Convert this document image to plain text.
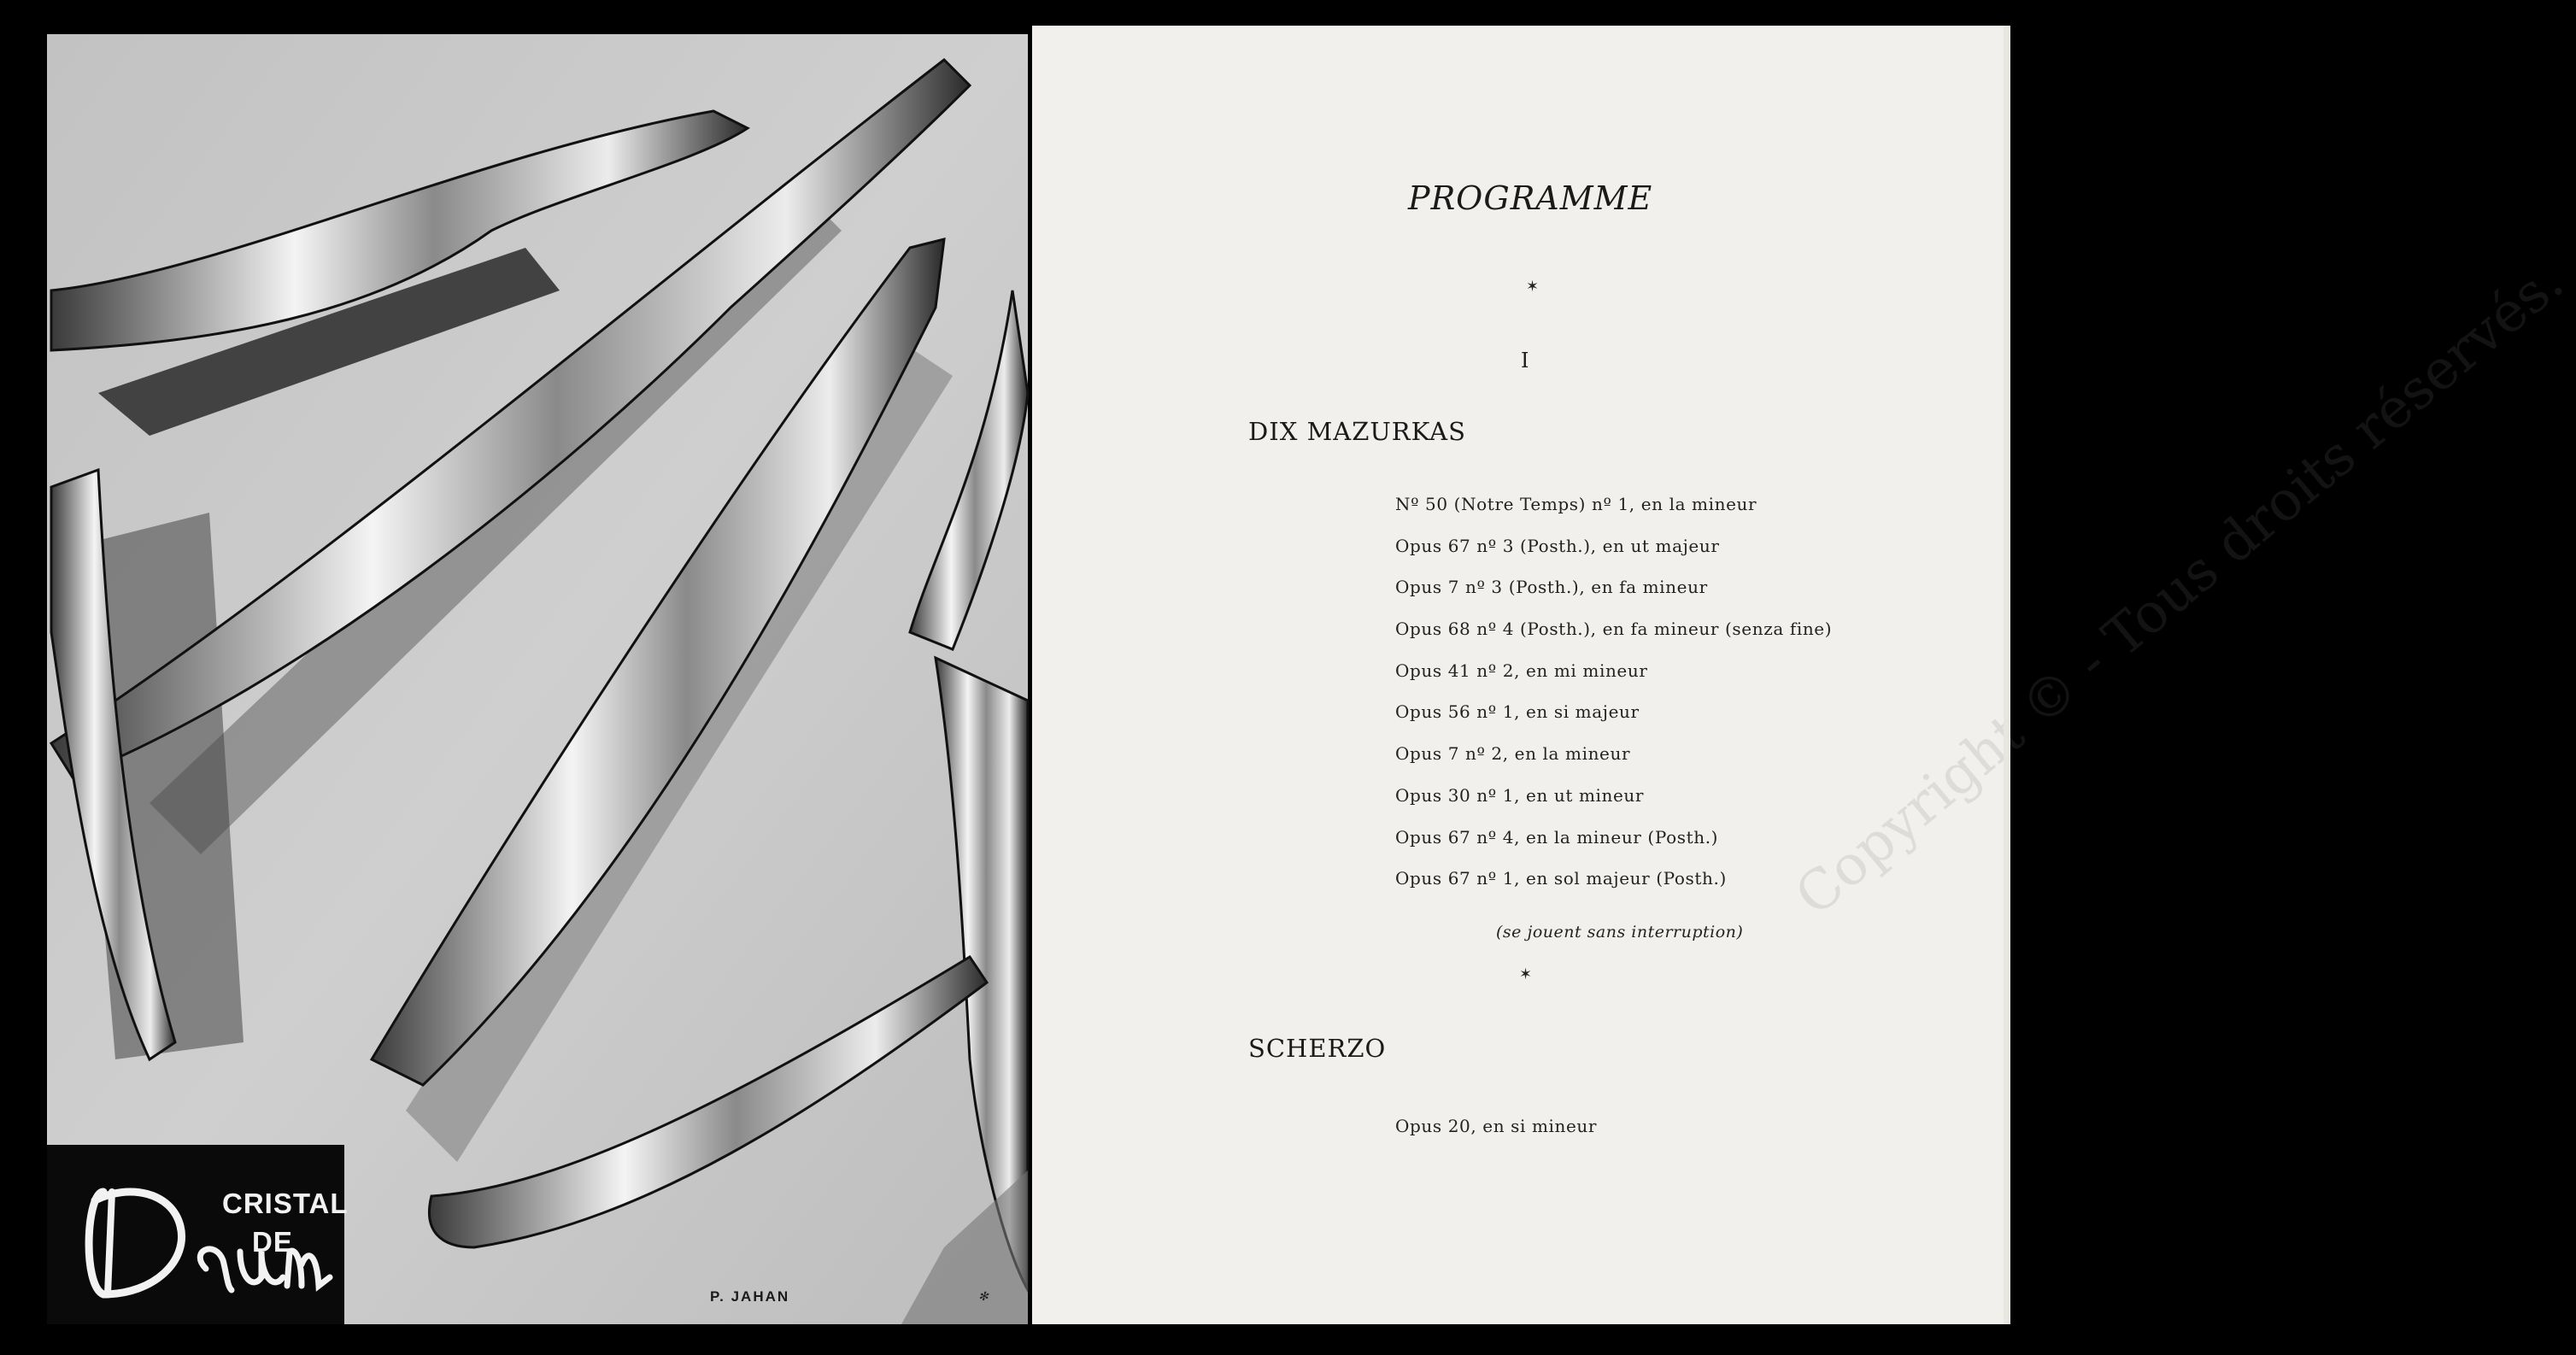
CRISTAL
DE
P. JAHAN	✻
PROGRAMME
✶
I
DIX MAZURKAS
Nº 50 (Notre Temps) nº 1, en la mineur
Opus 67 nº 3 (Posth.), en ut majeur
Opus 7 nº 3 (Posth.), en fa mineur
Opus 68 nº 4 (Posth.), en fa mineur (senza fine)
Opus 41 nº 2, en mi mineur
Opus 56 nº 1, en si majeur
Opus 7 nº 2, en la mineur
Opus 30 nº 1, en ut mineur
Opus 67 nº 4, en la mineur (Posth.)
Opus 67 nº 1, en sol majeur (Posth.)
(se jouent sans interruption)
✶
SCHERZO
Opus 20, en si mineur
Copyright © - Tous droits réservés.
